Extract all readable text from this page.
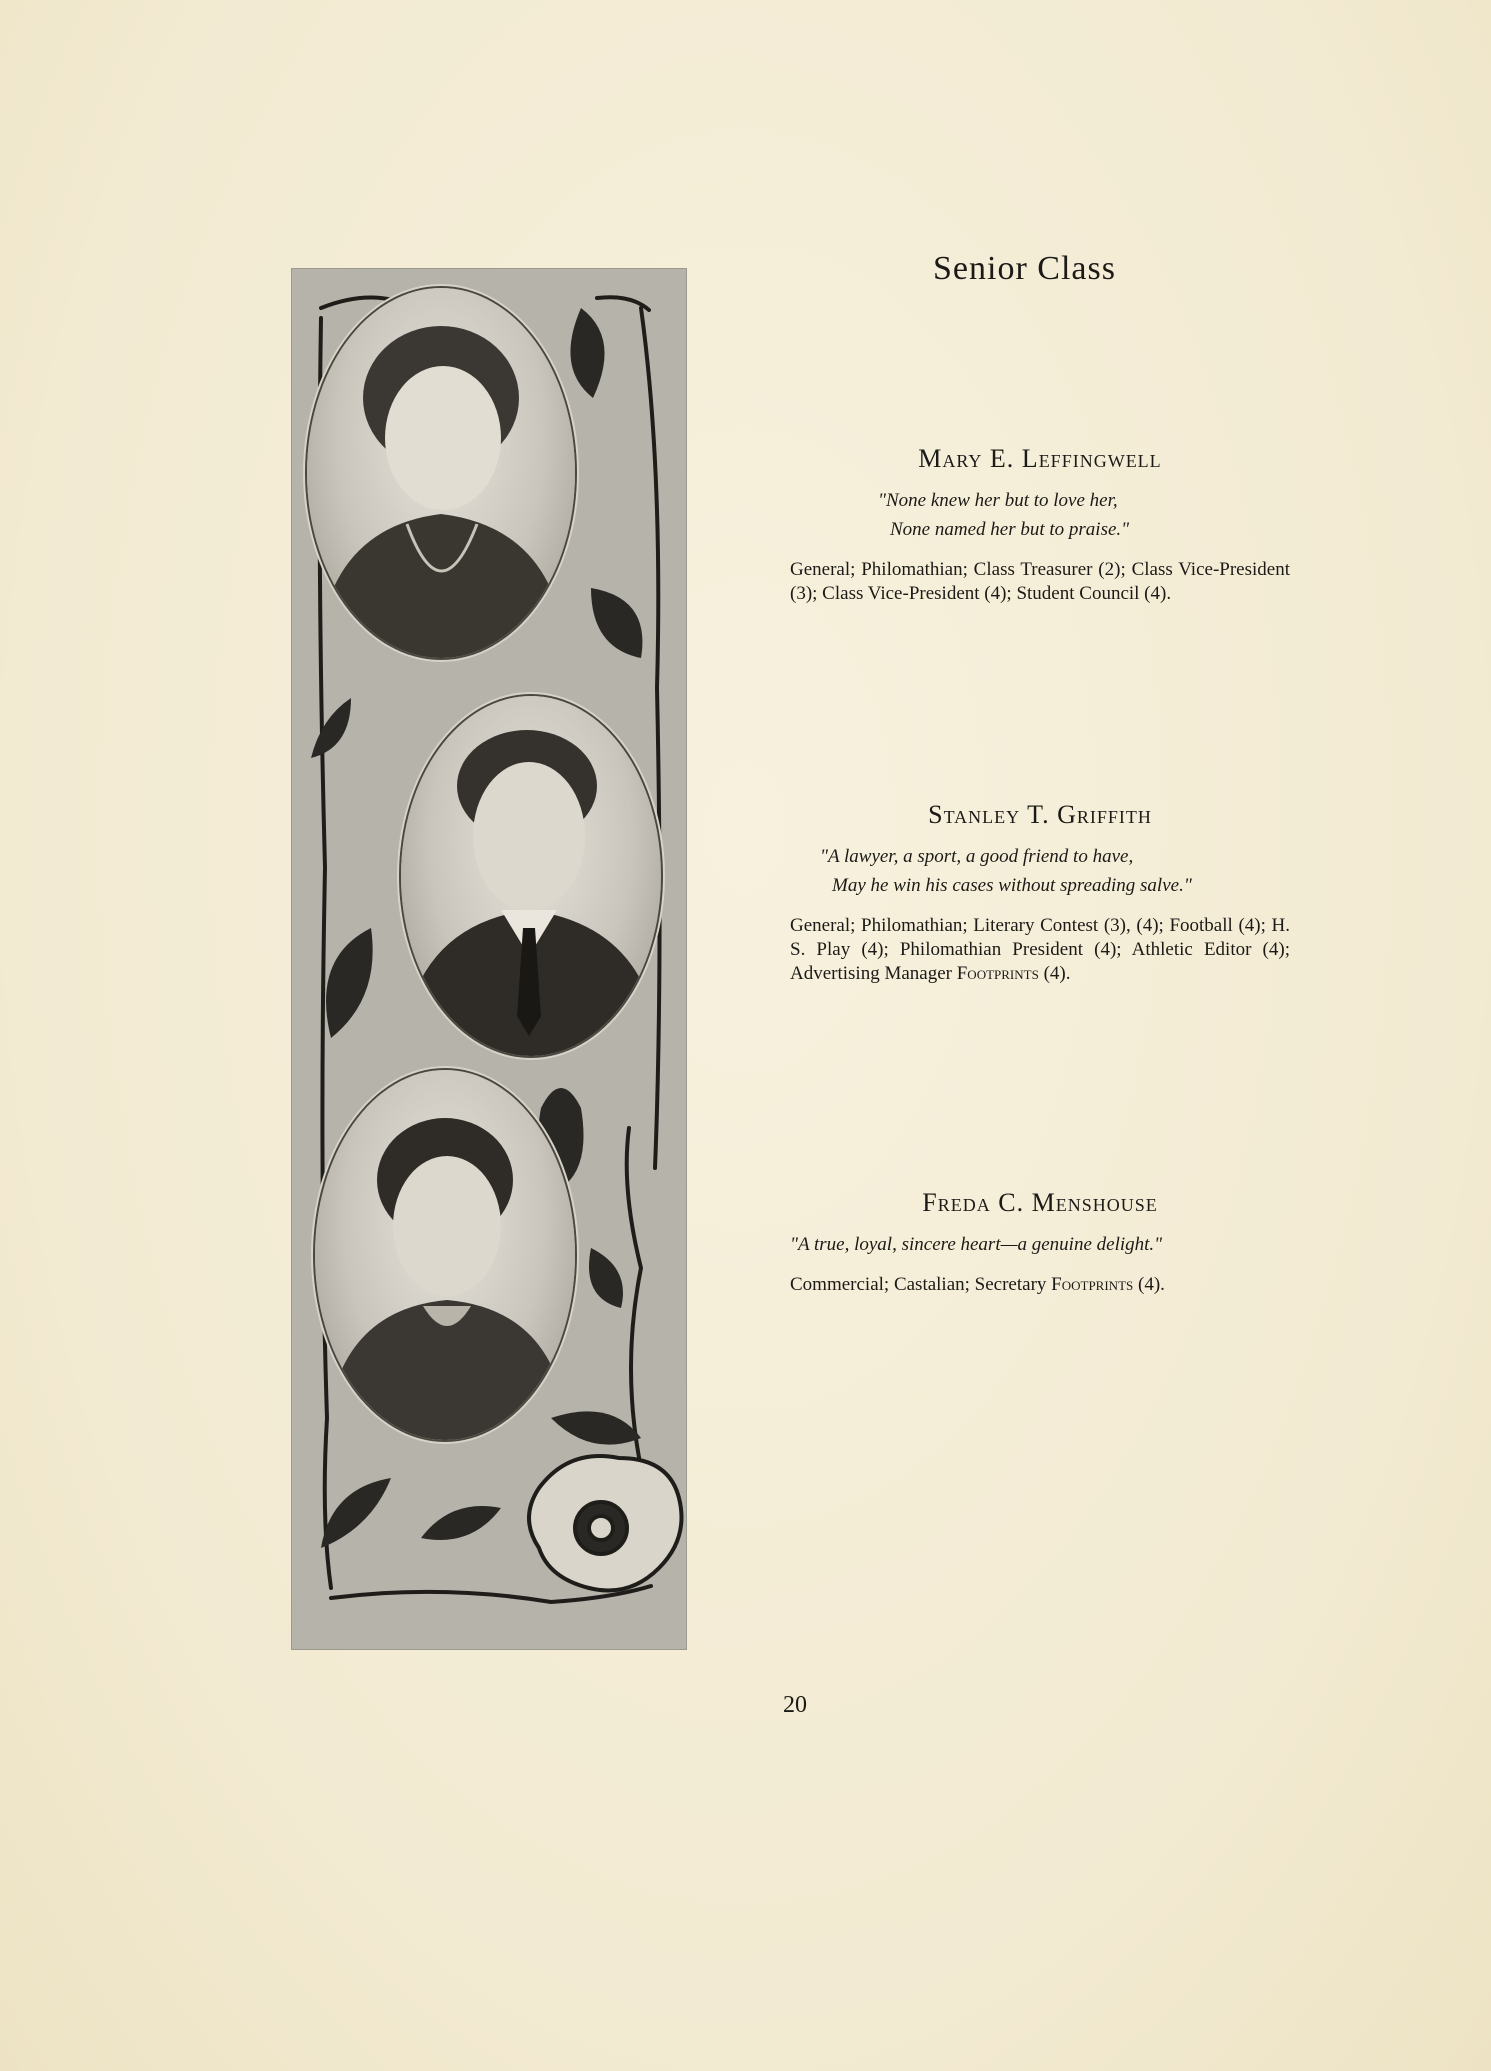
Senior Class
Mary E. Leffingwell
"None knew her but to love her,
None named her but to praise."
General; Philomathian; Class Treasurer (2); Class Vice-President (3); Class Vice-President (4); Student Council (4).
Stanley T. Griffith
"A lawyer, a sport, a good friend to have,
May he win his cases without spreading salve."
General; Philomathian; Literary Contest (3), (4); Football (4); H. S. Play (4); Philomathian President (4); Athletic Editor (4); Advertising Manager Footprints (4).
Freda C. Menshouse
"A true, loyal, sincere heart—a genuine delight."
Commercial; Castalian; Secretary Footprints (4).
20
